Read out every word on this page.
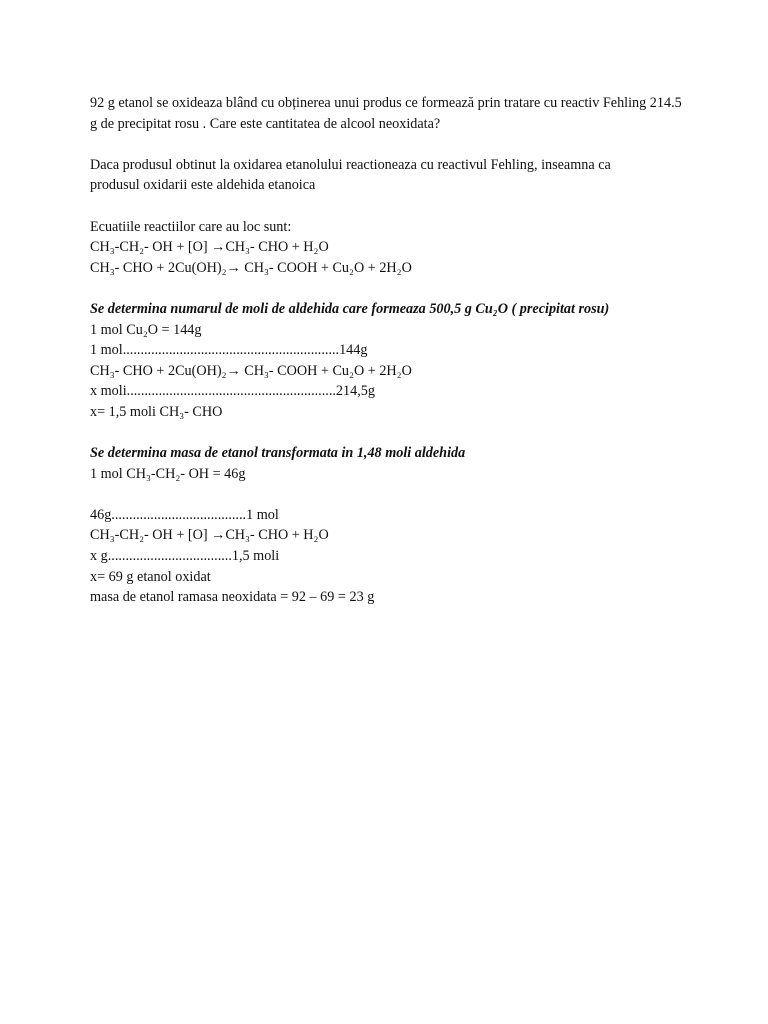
92 g etanol se oxideaza blând cu obținerea unui produs ce formează prin tratare cu reactiv Fehling 214.5 g de precipitat rosu . Care este cantitatea de alcool neoxidata?

Daca produsul obtinut la oxidarea etanolului reactioneaza cu reactivul Fehling, inseamna ca

produsul oxidarii este aldehida etanoica

Ecuatiile reactiilor care au loc sunt:

CH₃-CH₂- OH + [O] →CH₃- CHO + H₂O

CH₃- CHO + 2Cu(OH)₂→ CH₃- COOH + Cu₂O + 2H₂O

Se determina numarul de moli de aldehida care formeaza 500,5 g Cu₂O ( precipitat rosu)

1 mol Cu₂O = 144g

1 mol.............................................................144g

CH₃- CHO + 2Cu(OH)₂→ CH₃- COOH + Cu₂O + 2H₂O

x moli...........................................................214,5g

x= 1,5 moli CH₃- CHO

Se determina masa de etanol transformata in 1,48 moli aldehida

1 mol CH₃-CH₂- OH = 46g

46g......................................1 mol

CH₃-CH₂- OH + [O] →CH₃- CHO + H₂O

x g...................................1,5 moli

x= 69 g etanol oxidat

masa de etanol ramasa neoxidata = 92 – 69 = 23 g
